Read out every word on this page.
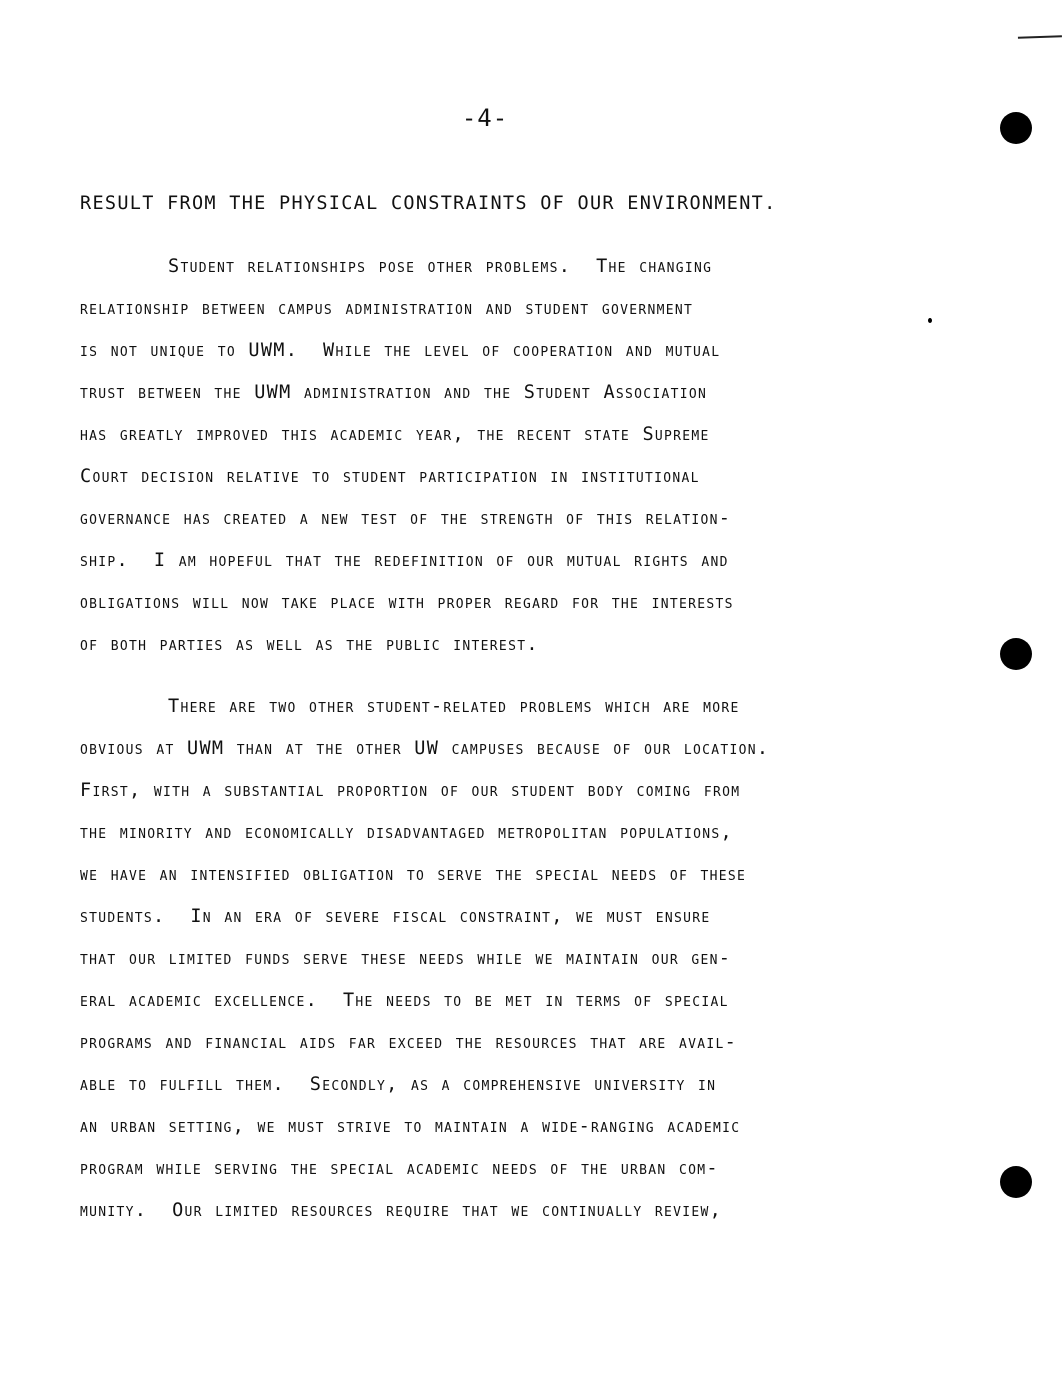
-4-
RESULT FROM THE PHYSICAL CONSTRAINTS OF OUR ENVIRONMENT.
Student relationships pose other problems.  The changing
relationship between campus administration and student government
is not unique to UWM.  While the level of cooperation and mutual
trust between the UWM administration and the Student Association
has greatly improved this academic year, the recent state Supreme
Court decision relative to student participation in institutional
governance has created a new test of the strength of this relation-
ship.  I am hopeful that the redefinition of our mutual rights and
obligations will now take place with proper regard for the interests
of both parties as well as the public interest.
There are two other student-related problems which are more
obvious at UWM than at the other UW campuses because of our location.
First, with a substantial proportion of our student body coming from
the minority and economically disadvantaged metropolitan populations,
we have an intensified obligation to serve the special needs of these
students.  In an era of severe fiscal constraint, we must ensure
that our limited funds serve these needs while we maintain our gen-
eral academic excellence.  The needs to be met in terms of special
programs and financial aids far exceed the resources that are avail-
able to fulfill them.  Secondly, as a comprehensive university in
an urban setting, we must strive to maintain a wide-ranging academic
program while serving the special academic needs of the urban com-
munity.  Our limited resources require that we continually review,
